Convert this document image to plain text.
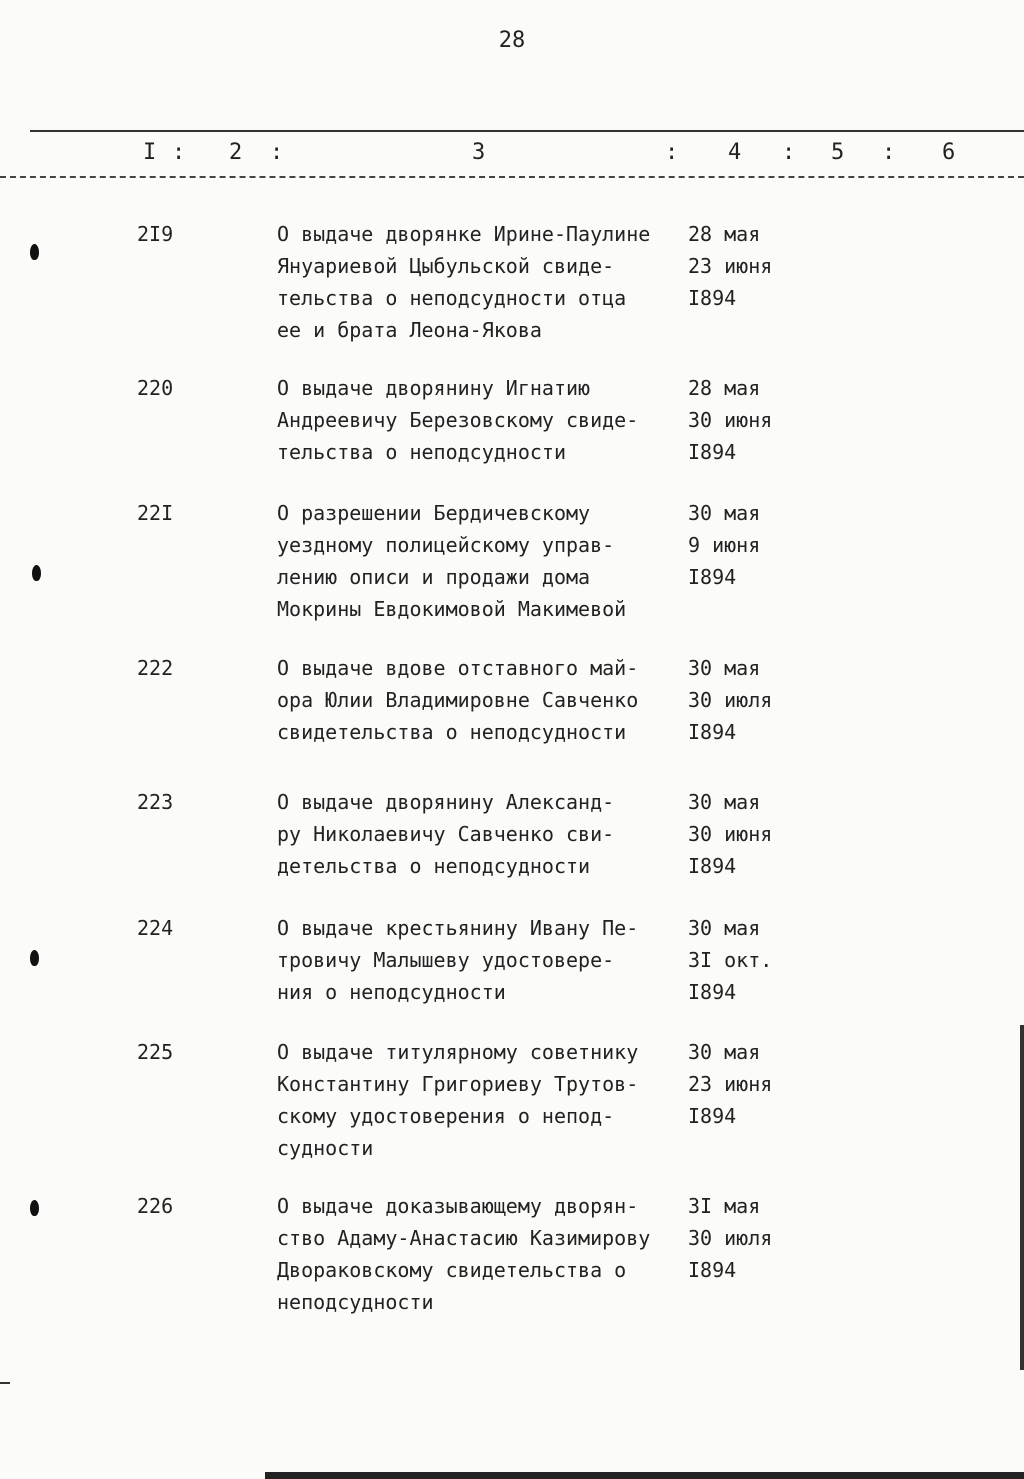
28
I : 2 :	3	: 4 : 5 : 6
2I9	О выдаче дворянке Ирине-Паулине
Януариевой Цыбульской свиде-
тельства о неподсудности отца
ее и брата Леона-Якова
28 мая
23 июня
I894
220	О выдаче дворянину Игнатию
Андреевичу Березовскому свиде-
тельства о неподсудности
28 мая
30 июня
I894
22I	О разрешении Бердичевскому
уездному полицейскому управ-
лению описи и продажи дома
Мокрины Евдокимовой Макимевой
30 мая
9 июня
I894
222	О выдаче вдове отставного май-
ора Юлии Владимировне Савченко
свидетельства о неподсудности
30 мая
30 июля
I894
223	О выдаче дворянину Александ-
ру Николаевичу Савченко сви-
детельства о неподсудности
30 мая
30 июня
I894
224	О выдаче крестьянину Ивану Пе-
тровичу Малышеву удостовере-
ния о неподсудности
30 мая
3I окт.
I894
225	О выдаче титулярному советнику
Константину Григориеву Трутов-
скому удостоверения о непод-
судности
30 мая
23 июня
I894
226	О выдаче доказывающему дворян-
ство Адаму-Анастасию Казимирову
Двораковскому свидетельства о
неподсудности
3I мая
30 июля
I894
